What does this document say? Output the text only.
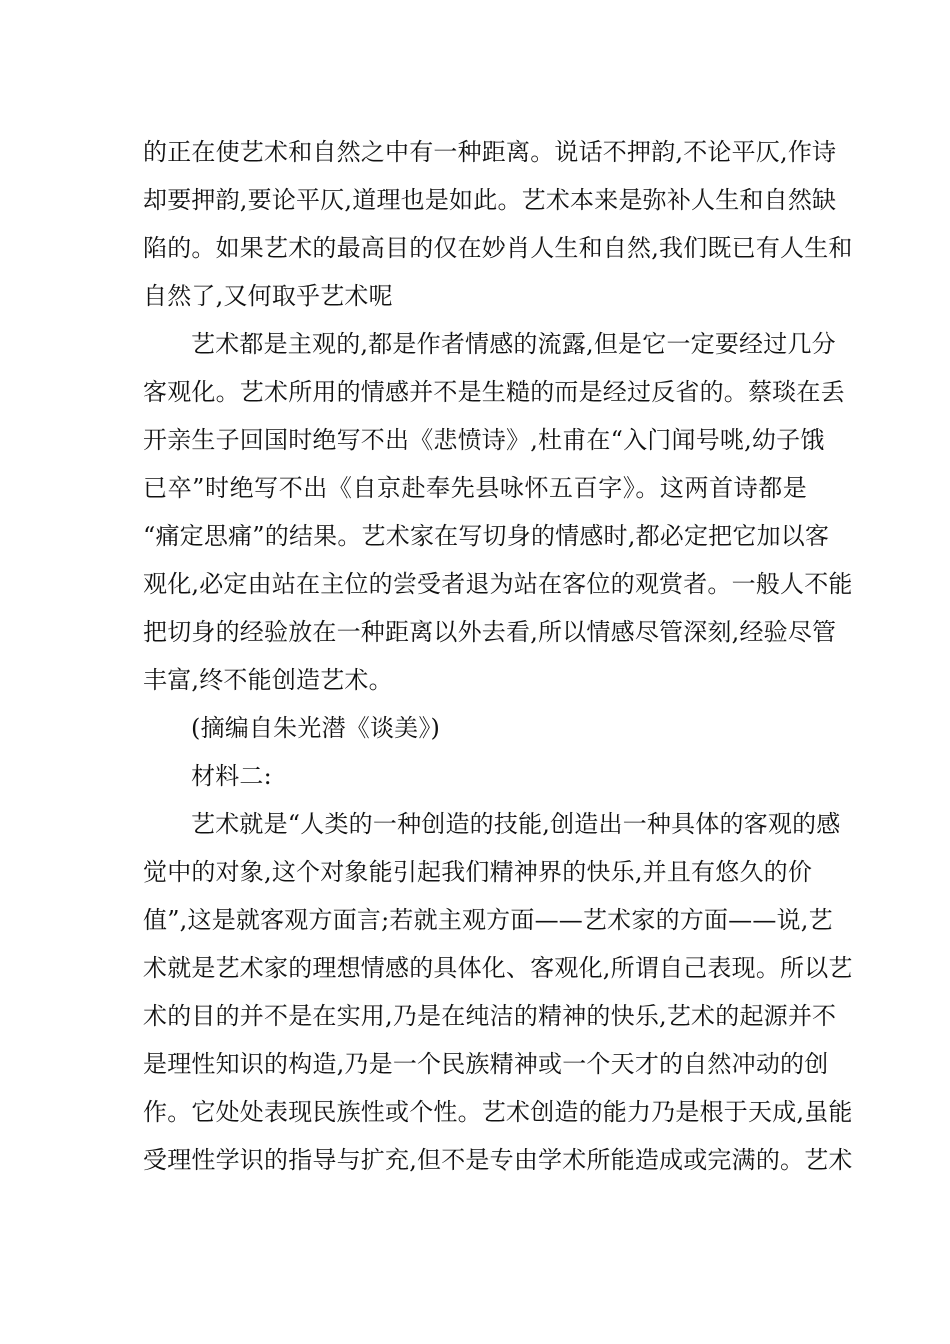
的正在使艺术和自然之中有一种距离。说话不押韵,不论平仄,作诗
却要押韵,要论平仄,道理也是如此。艺术本来是弥补人生和自然缺
陷的。如果艺术的最高目的仅在妙肖人生和自然,我们既已有人生和
自然了,又何取乎艺术呢
艺术都是主观的,都是作者情感的流露,但是它一定要经过几分
客观化。艺术所用的情感并不是生糙的而是经过反省的。蔡琰在丢
开亲生子回国时绝写不出《悲愤诗》,杜甫在“入门闻号咷,幼子饿
已卒”时绝写不出《自京赴奉先县咏怀五百字》。这两首诗都是
“痛定思痛”的结果。艺术家在写切身的情感时,都必定把它加以客
观化,必定由站在主位的尝受者退为站在客位的观赏者。一般人不能
把切身的经验放在一种距离以外去看,所以情感尽管深刻,经验尽管
丰富,终不能创造艺术。
(摘编自朱光潜《谈美》)
材料二:
艺术就是“人类的一种创造的技能,创造出一种具体的客观的感
觉中的对象,这个对象能引起我们精神界的快乐,并且有悠久的价
值”,这是就客观方面言;若就主观方面——艺术家的方面——说,艺
术就是艺术家的理想情感的具体化、客观化,所谓自己表现。所以艺
术的目的并不是在实用,乃是在纯洁的精神的快乐,艺术的起源并不
是理性知识的构造,乃是一个民族精神或一个天才的自然冲动的创
作。它处处表现民族性或个性。艺术创造的能力乃是根于天成,虽能
受理性学识的指导与扩充,但不是专由学术所能造成或完满的。艺术
